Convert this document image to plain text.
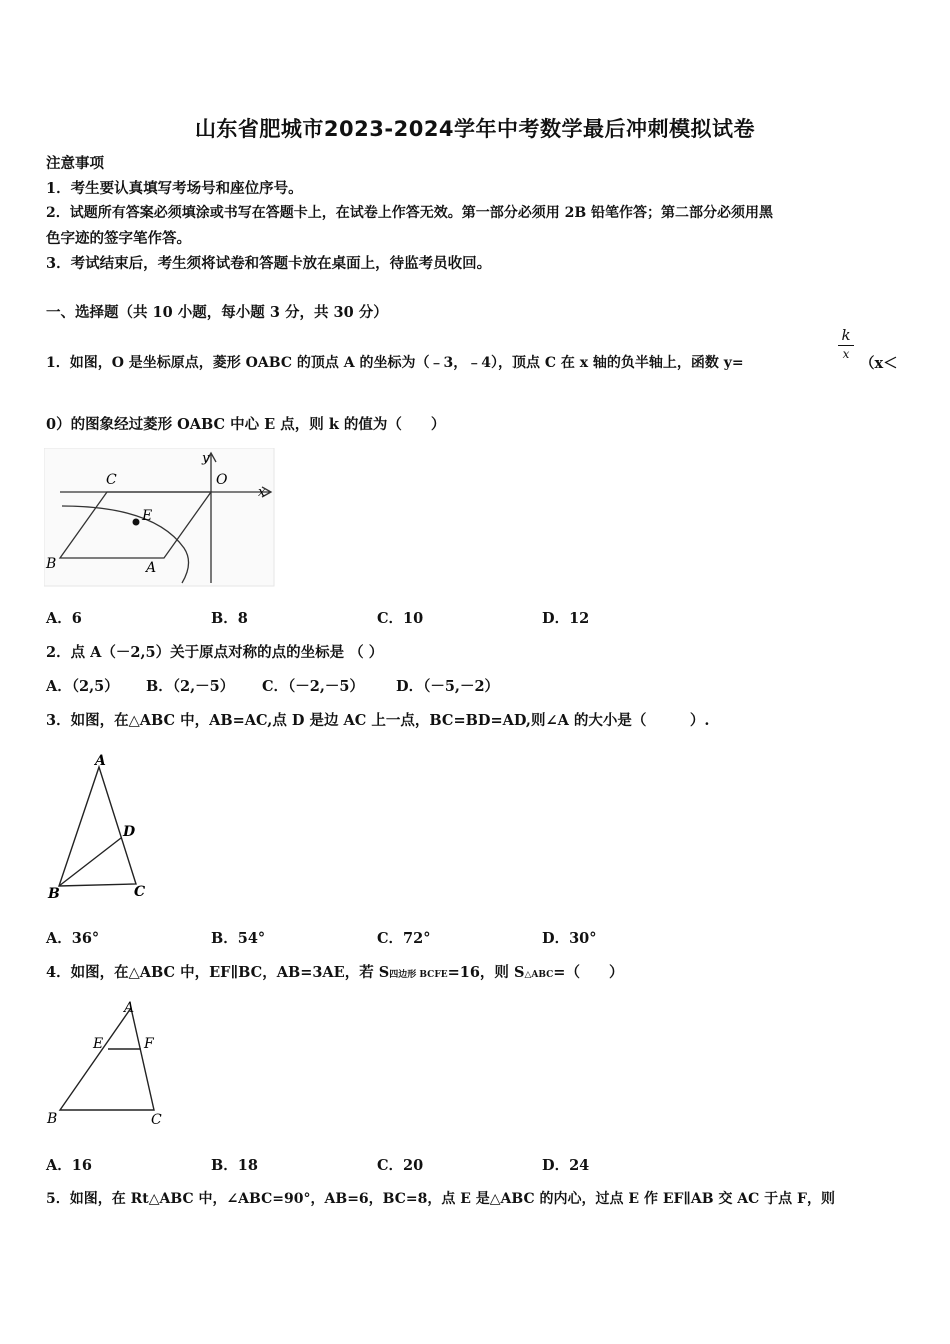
山东省肥城市2023-2024学年中考数学最后冲刺模拟试卷
注意事项
1．考生要认真填写考场号和座位序号。
2．试题所有答案必须填涂或书写在答题卡上，在试卷上作答无效。第一部分必须用 2B 铅笔作答；第二部分必须用黑
色字迹的签字笔作答。
3．考试结束后，考生须将试卷和答题卡放在桌面上，待监考员收回。
一、选择题（共 10 小题，每小题 3 分，共 30 分）
1．如图，O 是坐标原点，菱形 OABC 的顶点 A 的坐标为（﹣3，﹣4），顶点 C 在 x 轴的负半轴上，函数 y=
k
x
（x＜
0）的图象经过菱形 OABC 中心 E 点，则 k 的值为（　　）
y
C	O
x
E
B	A
A．6	B．8	C．10	D．12
2．点 A（－2,5）关于原点对称的点的坐标是 （ ）
A．（2,5） B．（2,－5） C．（－2,－5） D．（－5,－2）
3．如图，在△ABC 中，AB=AC,点 D 是边 AC 上一点，BC=BD=AD,则∠A 的大小是（　　　）.
A
D
B	C
A．36°	B．54°	C．72°	D．30°
4．如图，在△ABC 中，EF∥BC，AB=3AE，若 S四边形 BCFE=16，则 S△ABC=（　　）
A
E	F
B	C
A．16	B．18	C．20	D．24
5．如图，在 Rt△ABC 中，∠ABC=90°，AB=6，BC=8，点 E 是△ABC 的内心，过点 E 作 EF∥AB 交 AC 于点 F，则
